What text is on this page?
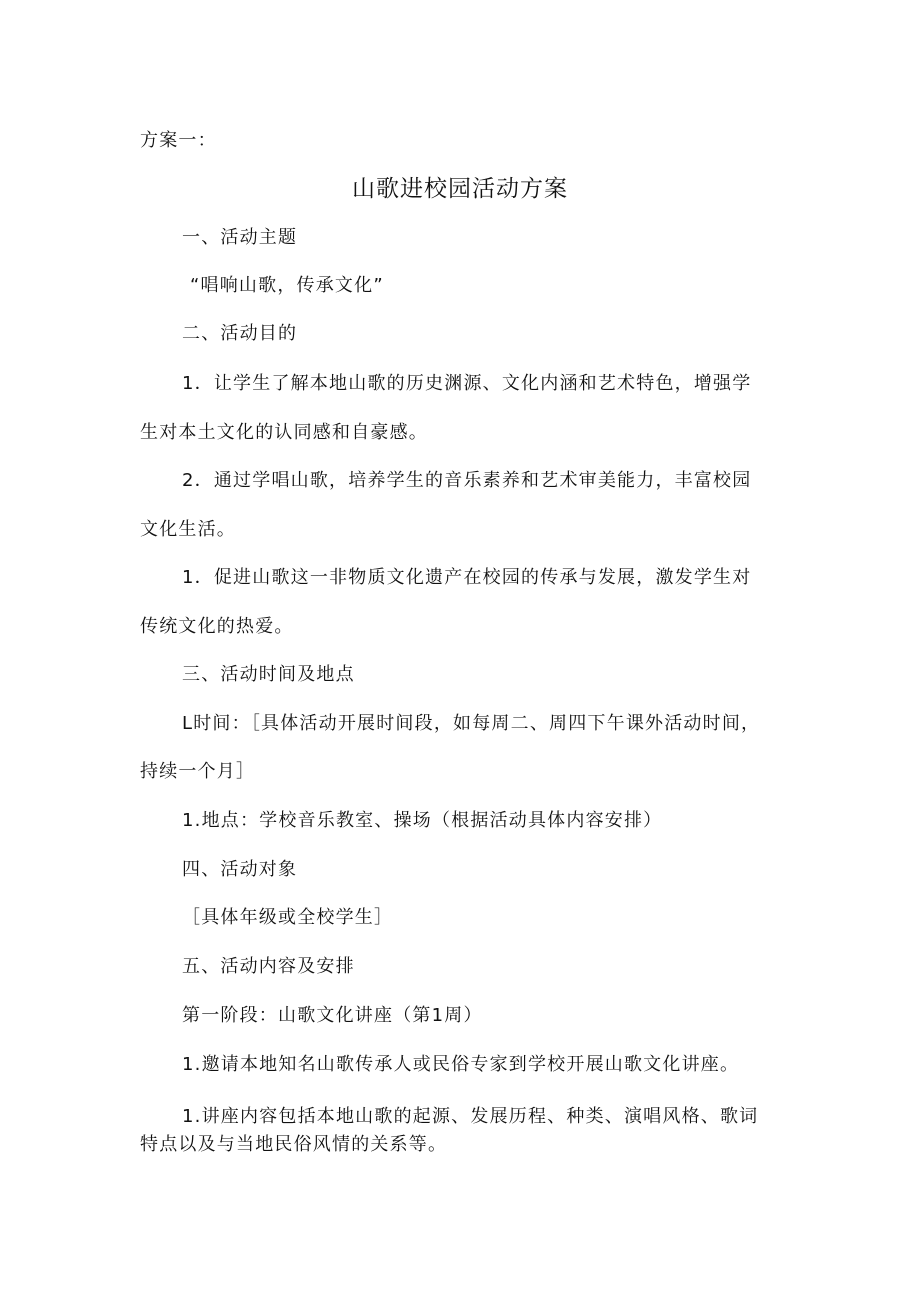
方案一：
山歌进校园活动方案
一、活动主题
“唱响山歌，传承文化”
二、活动目的
1．让学生了解本地山歌的历史渊源、文化内涵和艺术特色，增强学
生对本土文化的认同感和自豪感。
2．通过学唱山歌，培养学生的音乐素养和艺术审美能力，丰富校园
文化生活。
1．促进山歌这一非物质文化遗产在校园的传承与发展，激发学生对
传统文化的热爱。
三、活动时间及地点
L时间：［具体活动开展时间段，如每周二、周四下午课外活动时间，
持续一个月］
1.地点：学校音乐教室、操场（根据活动具体内容安排）
四、活动对象
［具体年级或全校学生］
五、活动内容及安排
第一阶段：山歌文化讲座（第1周）
1.邀请本地知名山歌传承人或民俗专家到学校开展山歌文化讲座。
1.讲座内容包括本地山歌的起源、发展历程、种类、演唱风格、歌词
特点以及与当地民俗风情的关系等。
